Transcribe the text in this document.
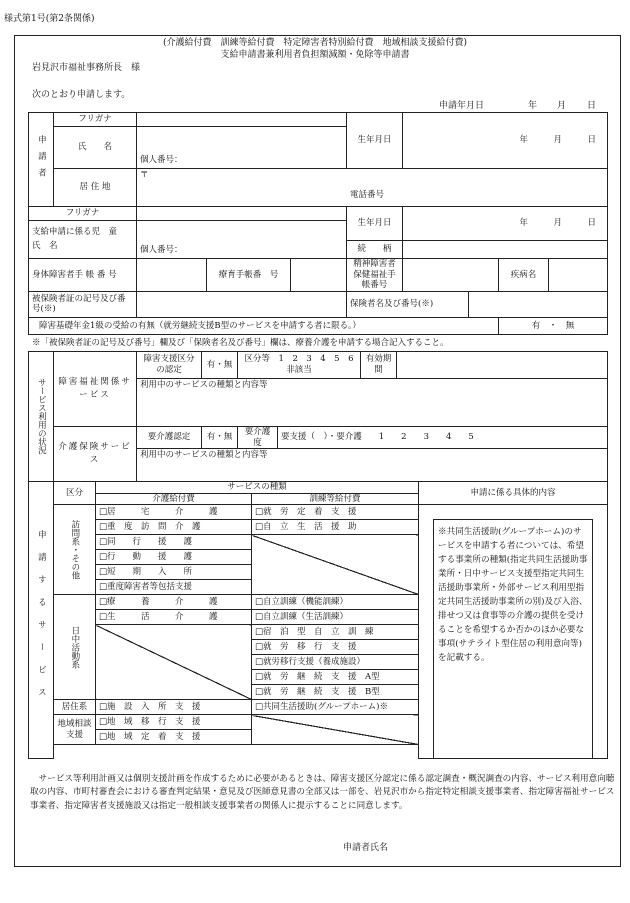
様式第1号(第2条関係)
(介護給付費　訓練等給付費　特定障害者特別給付費　地域相談支援給付費)
支給申請書兼利用者負担額減額・免除等申請書
岩見沢市福祉事務所長　様
次のとおり申請します。
申請年月日	年 月 日
申請者	フリガナ				生年月日	年　　　 月　　　 日			

	氏　　名	個人番号：							
	居 住 地	〒
電話番号							

フリガナ					生年月日	年　　　 月　　　 日			

支給申請に係る児　童　氏　名		個人番号：							
					続　　柄				
身体障害者手 帳 番 号			療育手帳番　号		精神障害者保健福祉手帳番号			疾病名	
被保険者証の記号及び番号(※)					保険者名及び番号(※)				
障害基礎年金1級の受給の有無（就労継続支援B型のサービスを申請する者に限る。）								有　 ・　 無	
※「被保険者証の記号及び番号」欄及び「保険者名及び番号」欄は、療養介護を申請する場合記入すること。
サービス利用の状況	障害福祉関係サービス	障害支援区分の認定	有・無	区分等　 1　2　3　4　5　6
非該当		有効期間	
		利用中のサービスの種類と内容等					
	介護保険サービス	要介護認定	有・無	要介護度	要支援（　）・要介護　　1　　2　　3　　4　　5		
		利用中のサービスの種類と内容等					
申請するサービス	区分	サービスの種類		申請に係る具体的内容
		介護給付費	訓練等給付費	

	訪問系・その他	□居　　　宅　　　介　　　護	□就　労　定　着　支　援	※共同生活援助(グループホーム)のサービスを申請する者については、希望する事業所の種類(指定共同生活援助事業所・日中サービス支援型指定共同生活援助事業所・外部サービス利用型指定共同生活援助事業所の別)及び入浴、排せつ又は食事等の介護の提供を受けることを希望するか否かのほか必要な事項(サテライト型住居の利用意向等)を記載する。

		□重　度　訪　問　介　護	□自　立　生　活　援　助	
		□同　　行　　援　　護		
		□行　　動　　援　　護		
		□短　　期　　入　　所		
		□重度障害者等包括支援		

	日中活動系	□療　　　養　　　介　　　護	□自立訓練（機能訓練）	
		□生　　　活　　　介　　　護	□自立訓練（生活訓練）	
			□宿　泊　型　自　立　訓　練	
			□就　労　移　行　支　援	
			□就労移行支援（養成施設）	
			□就　労　継　続　支　援　A型	
			□就　労　継　続　支　援　B型	
	居住系	□施　設　入　所　支　援	□共同生活援助(グループホーム)※	
	地域相談支援	□地　域　移　行　支　援		
		□地　域　定　着　支　援		

サービス等利用計画又は個別支援計画を作成するために必要があるときは、障害支援区分認定に係る認定調査・概況調査の内容、サービス利用意向聴取の内容、市町村審査会における審査判定結果・意見及び医師意見書の全部又は一部を、岩見沢市から指定特定相談支援事業者、指定障害福祉サービス事業者、指定障害者支援施設又は指定一般相談支援事業者の関係人に提示することに同意します。
申請者氏名
